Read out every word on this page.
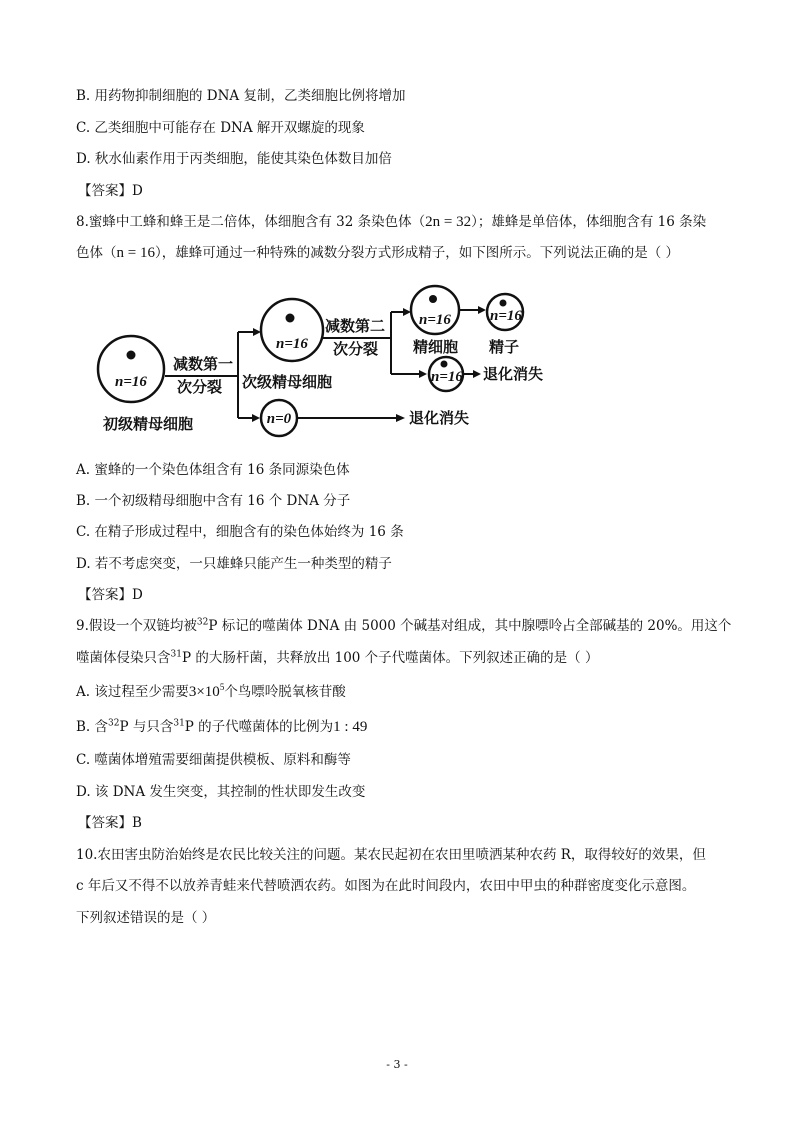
B. 用药物抑制细胞的 DNA 复制，乙类细胞比例将增加
C. 乙类细胞中可能存在 DNA 解开双螺旋的现象
D. 秋水仙素作用于丙类细胞，能使其染色体数目加倍
【答案】D
8.蜜蜂中工蜂和蜂王是二倍体，体细胞含有 32 条染色体（2n = 32）；雄蜂是单倍体，体细胞含有 16 条染
色体（n = 16），雄蜂可通过一种特殊的减数分裂方式形成精子，如下图所示。下列说法正确的是（ ）
n=16
初级精母细胞
减数第一
次分裂
n=16
次级精母细胞
n=0	退化消失
减数第二
次分裂
n=16
精细胞
n=16
精子
n=16 退化消失
A. 蜜蜂的一个染色体组含有 16 条同源染色体
B. 一个初级精母细胞中含有 16 个 DNA 分子
C. 在精子形成过程中，细胞含有的染色体始终为 16 条
D. 若不考虑突变，一只雄蜂只能产生一种类型的精子
【答案】D
9.假设一个双链均被$^{32}$P 标记的噬菌体 DNA 由 5000 个碱基对组成，其中腺嘌呤占全部碱基的 20%。用这个
噬菌体侵染只含$^{31}$P 的大肠杆菌，共释放出 100 个子代噬菌体。下列叙述正确的是（ ）
A. 该过程至少需要$3\times 10^5$个鸟嘌呤脱氧核苷酸
B. 含$^{32}$P 与只含$^{31}$P 的子代噬菌体的比例为1 : 49
C. 噬菌体增殖需要细菌提供模板、原料和酶等
D. 该 DNA 发生突变，其控制的性状即发生改变
【答案】B
10.农田害虫防治始终是农民比较关注的问题。某农民起初在农田里喷洒某种农药 R，取得较好的效果，但
c 年后又不得不以放养青蛙来代替喷洒农药。如图为在此时间段内，农田中甲虫的种群密度变化示意图。
下列叙述错误的是（ ）
- 3 -
